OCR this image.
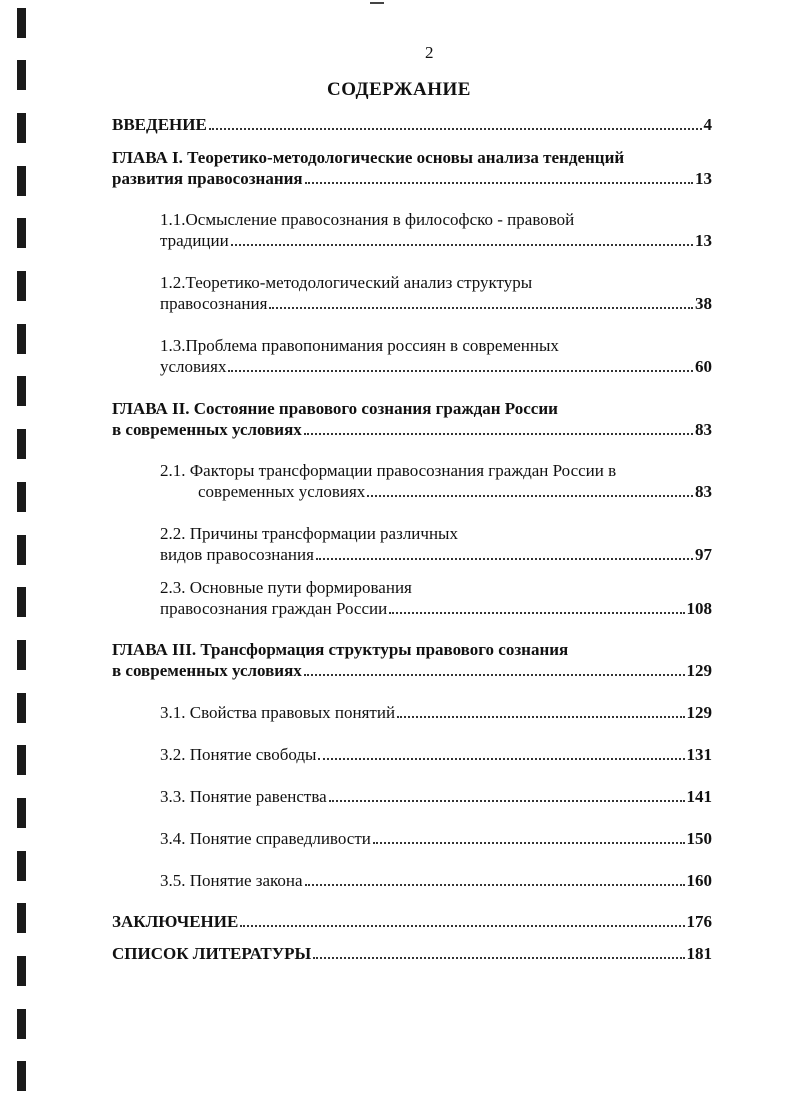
2
СОДЕРЖАНИЕ
ВВЕДЕНИЕ	4
ГЛАВА I. Теоретико-методологические основы анализа тенденций
развития правосознания	13
1.1.Осмысление правосознания в философско - правовой
традиции	13
1.2.Теоретико-методологический анализ структуры
правосознания	38
1.3.Проблема правопонимания россиян в современных
условиях	60
ГЛАВА II. Состояние правового сознания граждан России
в современных условиях	83
2.1. Факторы трансформации правосознания граждан России в
современных условиях	83
2.2. Причины трансформации различных
видов правосознания	97
2.3. Основные пути формирования
правосознания граждан России	108
ГЛАВА III. Трансформация структуры правового сознания
в современных условиях	129
3.1. Свойства правовых понятий	129
3.2. Понятие свободы	131
3.3. Понятие равенства	141
3.4. Понятие справедливости	150
3.5. Понятие закона	160
ЗАКЛЮЧЕНИЕ	176
СПИСОК ЛИТЕРАТУРЫ	181
